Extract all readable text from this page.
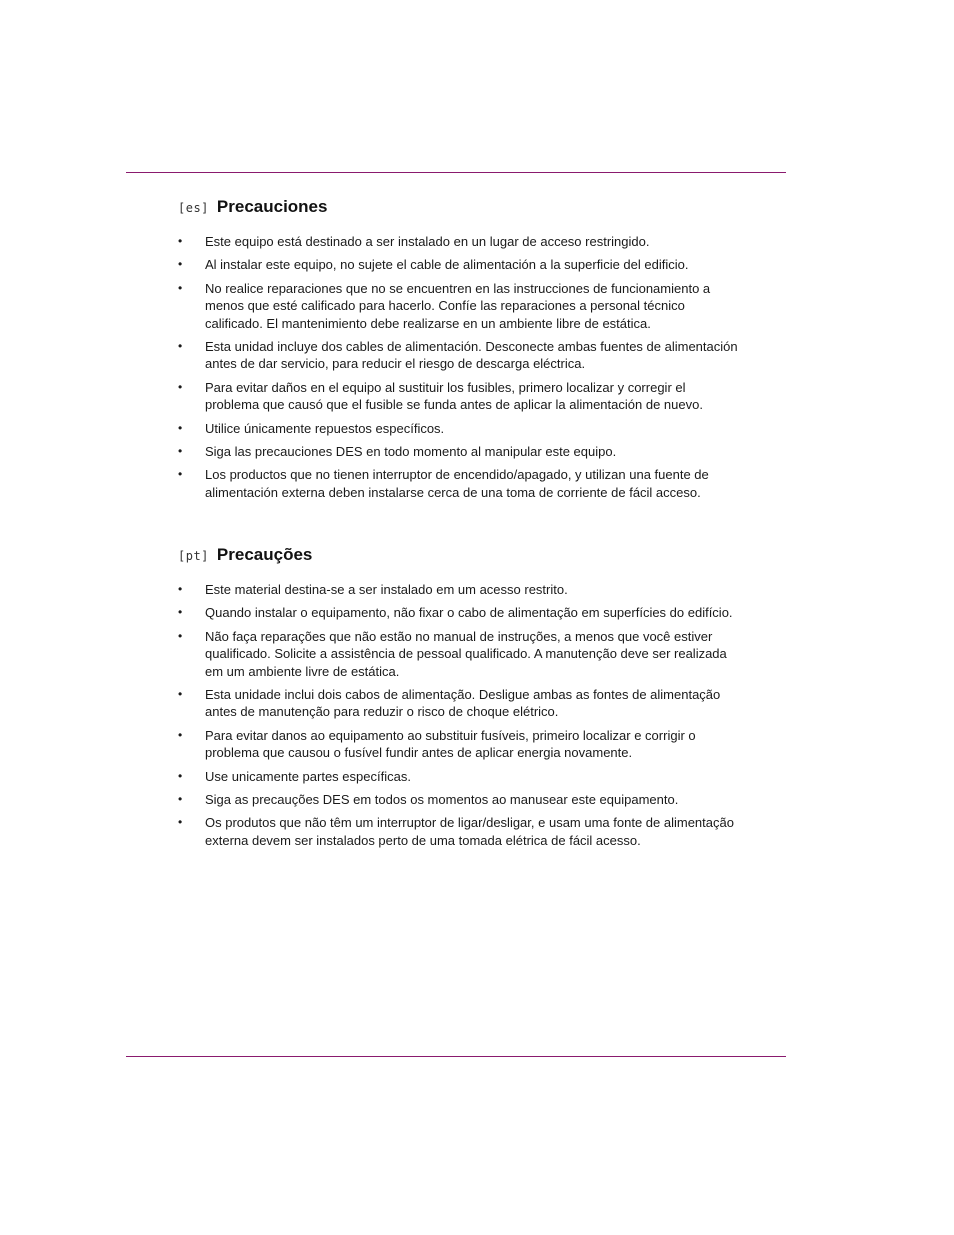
[es] Precauciones
•	Este equipo está destinado a ser instalado en un lugar de acceso restringido.
•	Al instalar este equipo, no sujete el cable de alimentación a la superficie del edificio.
•	No realice reparaciones que no se encuentren en las instrucciones de funcionamiento a menos que esté calificado para hacerlo. Confíe las reparaciones a personal técnico calificado. El mantenimiento debe realizarse en un ambiente libre de estática.
•	Esta unidad incluye dos cables de alimentación. Desconecte ambas fuentes de alimentación antes de dar servicio, para reducir el riesgo de descarga eléctrica.
•	Para evitar daños en el equipo al sustituir los fusibles, primero localizar y corregir el problema que causó que el fusible se funda antes de aplicar la alimentación de nuevo.
•	Utilice únicamente repuestos específicos.
•	Siga las precauciones DES en todo momento al manipular este equipo.
•	Los productos que no tienen interruptor de encendido/apagado, y utilizan una fuente de alimentación externa deben instalarse cerca de una toma de corriente de fácil acceso.
[pt] Precauções
•	Este material destina-se a ser instalado em um acesso restrito.
•	Quando instalar o equipamento, não fixar o cabo de alimentação em superfícies do edifício.
•	Não faça reparações que não estão no manual de instruções, a menos que você estiver qualificado. Solicite a assistência de pessoal qualificado. A manutenção deve ser realizada em um ambiente livre de estática.
•	Esta unidade inclui dois cabos de alimentação. Desligue ambas as fontes de alimentação antes de manutenção para reduzir o risco de choque elétrico.
•	Para evitar danos ao equipamento ao substituir fusíveis, primeiro localizar e corrigir o problema que causou o fusível fundir antes de aplicar energia novamente.
•	Use unicamente partes específicas.
•	Siga as precauções DES em todos os momentos ao manusear este equipamento.
•	Os produtos que não têm um interruptor de ligar/desligar, e usam uma fonte de alimentação externa devem ser instalados perto de uma tomada elétrica de fácil acesso.
